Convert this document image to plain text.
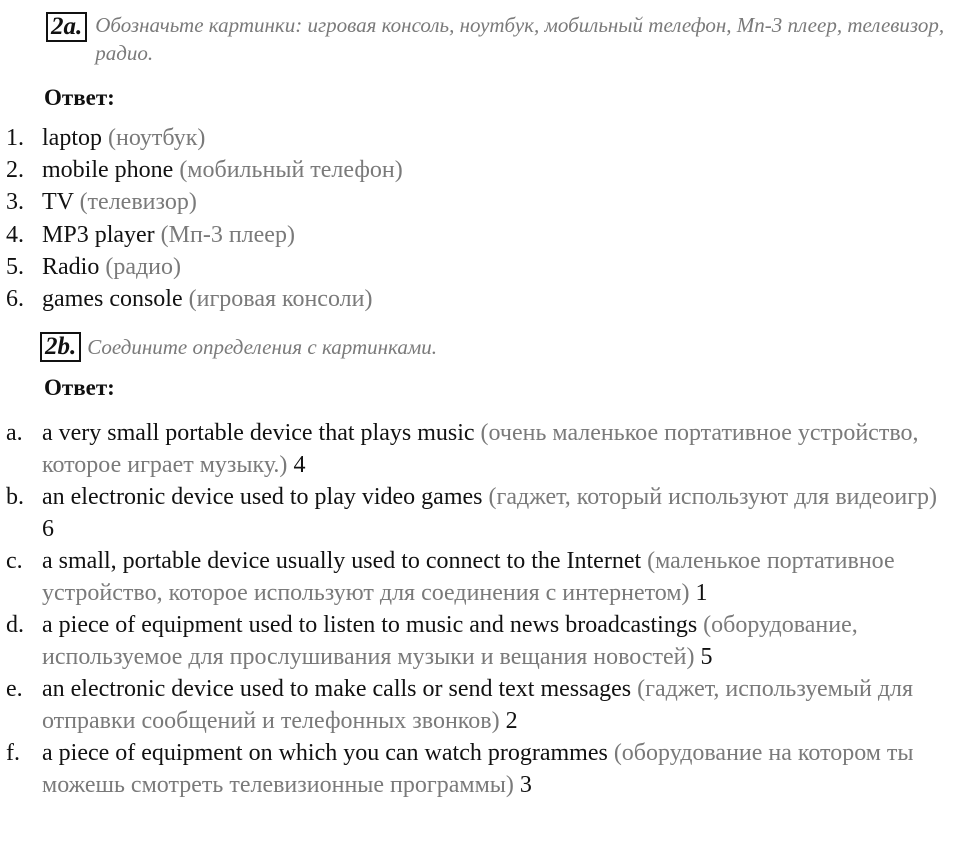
2a. Обозначьте картинки: игровая консоль, ноутбук, мобильный телефон, Мп-3 плеер, телевизор, радио.
Ответ:
1. laptop (ноутбук)
2. mobile phone (мобильный телефон)
3. TV (телевизор)
4. MP3 player (Мп-3 плеер)
5. Radio (радио)
6. games console (игровая консоли)
2b. Соедините определения с картинками.
Ответ:
a. a very small portable device that plays music (очень маленькое портативное устройство, которое играет музыку.) 4
b. an electronic device used to play video games (гаджет, который используют для видеоигр) 6
c. a small, portable device usually used to connect to the Internet (маленькое портативное устройство, которое используют для соединения с интернетом) 1
d. a piece of equipment used to listen to music and news broadcastings (оборудование, используемое для прослушивания музыки и вещания новостей) 5
e. an electronic device used to make calls or send text messages (гаджет, используемый для отправки сообщений и телефонных звонков) 2
f. a piece of equipment on which you can watch programmes (оборудование на котором ты можешь смотреть телевизионные программы) 3
